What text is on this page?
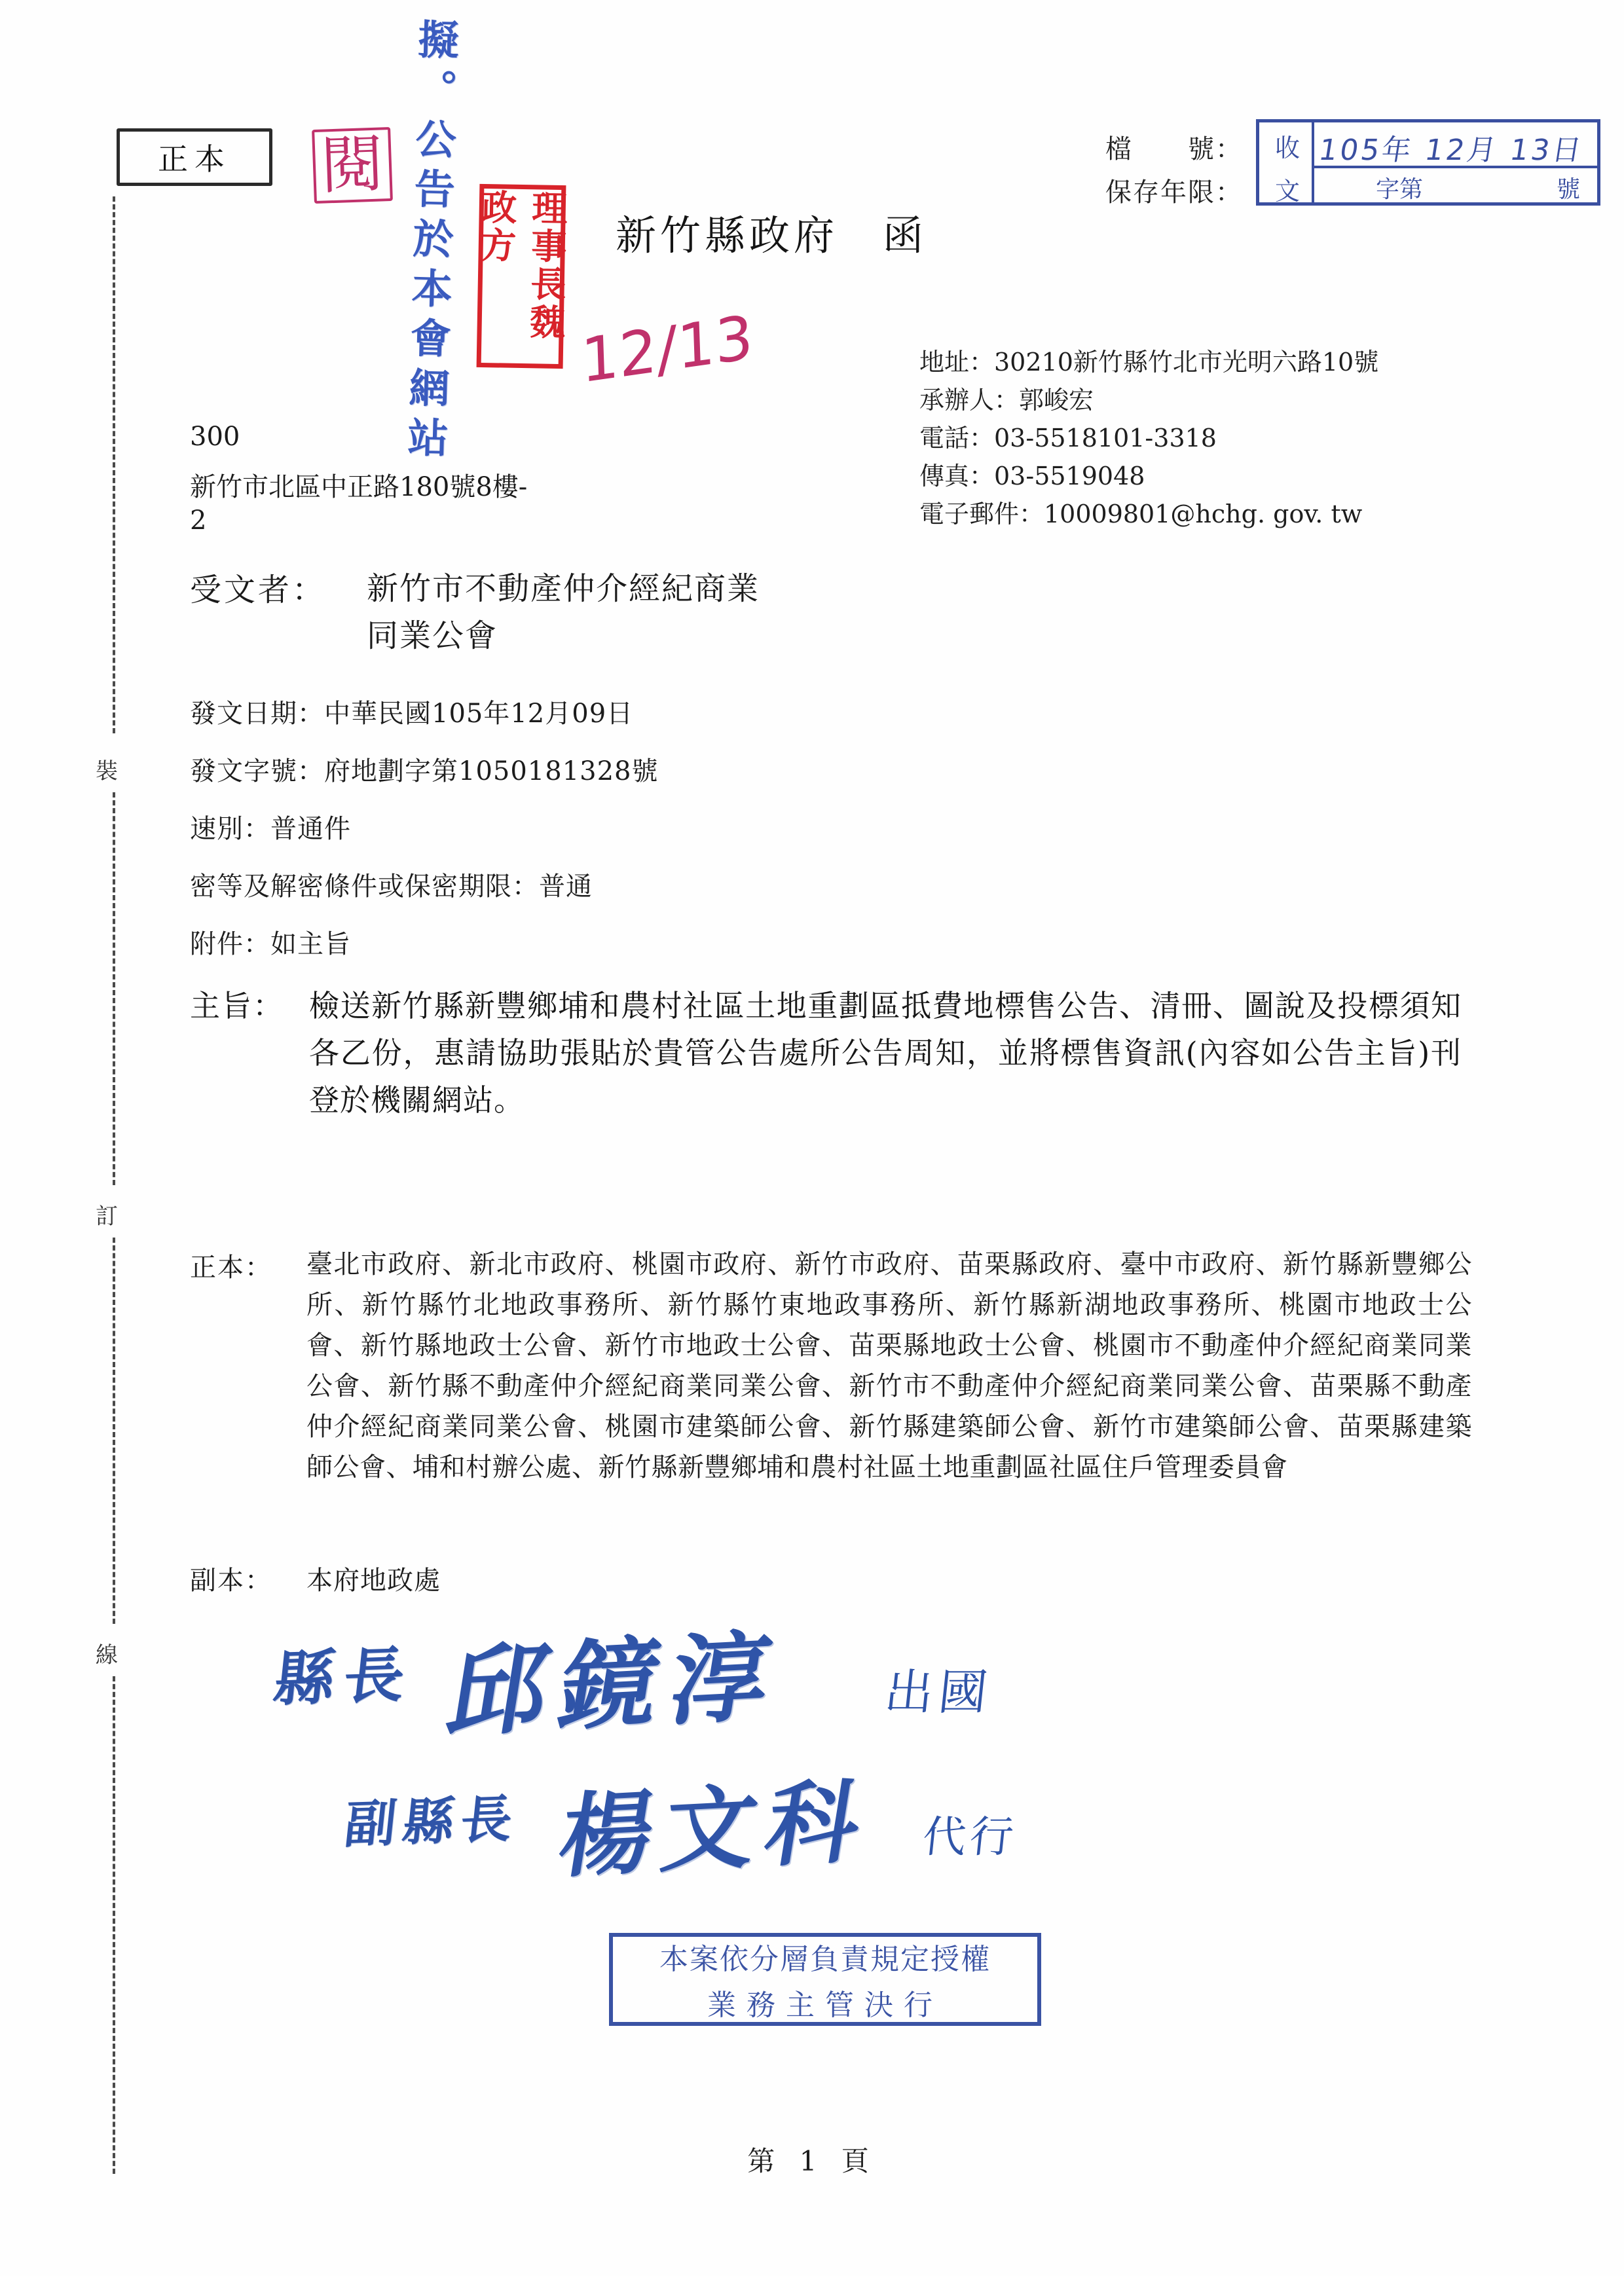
正本	檔　　號：
保存年限：
收
文
105年 12月 13日
字第	號
新竹縣政府　函
地址：30210新竹縣竹北市光明六路10號
承辦人：郭峻宏
電話：03-5518101-3318
傳真：03-5519048
電子郵件：10009801@hchg. gov. tw
300
新竹市北區中正路180號8樓-
2
受文者： 新竹市不動產仲介經紀商業
同業公會
發文日期：中華民國105年12月09日
發文字號：府地劃字第1050181328號
速別：普通件
密等及解密條件或保密期限：普通
附件：如主旨
主旨： 檢送新竹縣新豐鄉埔和農村社區土地重劃區抵費地標售公告、清冊、圖說及投標須知各乙份，惠請協助張貼於貴管公告處所公告周知，並將標售資訊(內容如公告主旨)刊登於機關網站。
正本： 臺北市政府、新北市政府、桃園市政府、新竹市政府、苗栗縣政府、臺中市政府、新竹縣新豐鄉公所、新竹縣竹北地政事務所、新竹縣竹東地政事務所、新竹縣新湖地政事務所、桃園市地政士公會、新竹縣地政士公會、新竹市地政士公會、苗栗縣地政士公會、桃園市不動產仲介經紀商業同業公會、新竹縣不動產仲介經紀商業同業公會、新竹市不動產仲介經紀商業同業公會、苗栗縣不動產仲介經紀商業同業公會、桃園市建築師公會、新竹縣建築師公會、新竹市建築師公會、苗栗縣建築師公會、埔和村辦公處、新竹縣新豐鄉埔和農村社區土地重劃區社區住戶管理委員會
副本： 本府地政處
裝
訂
線	縣長 邱鏡淳 出國
副縣長 楊文科 代行
本案依分層負責規定授權
業務主管決行
擬。公告於本會網站
閱
理事長魏政方
12/13
第 1 頁
